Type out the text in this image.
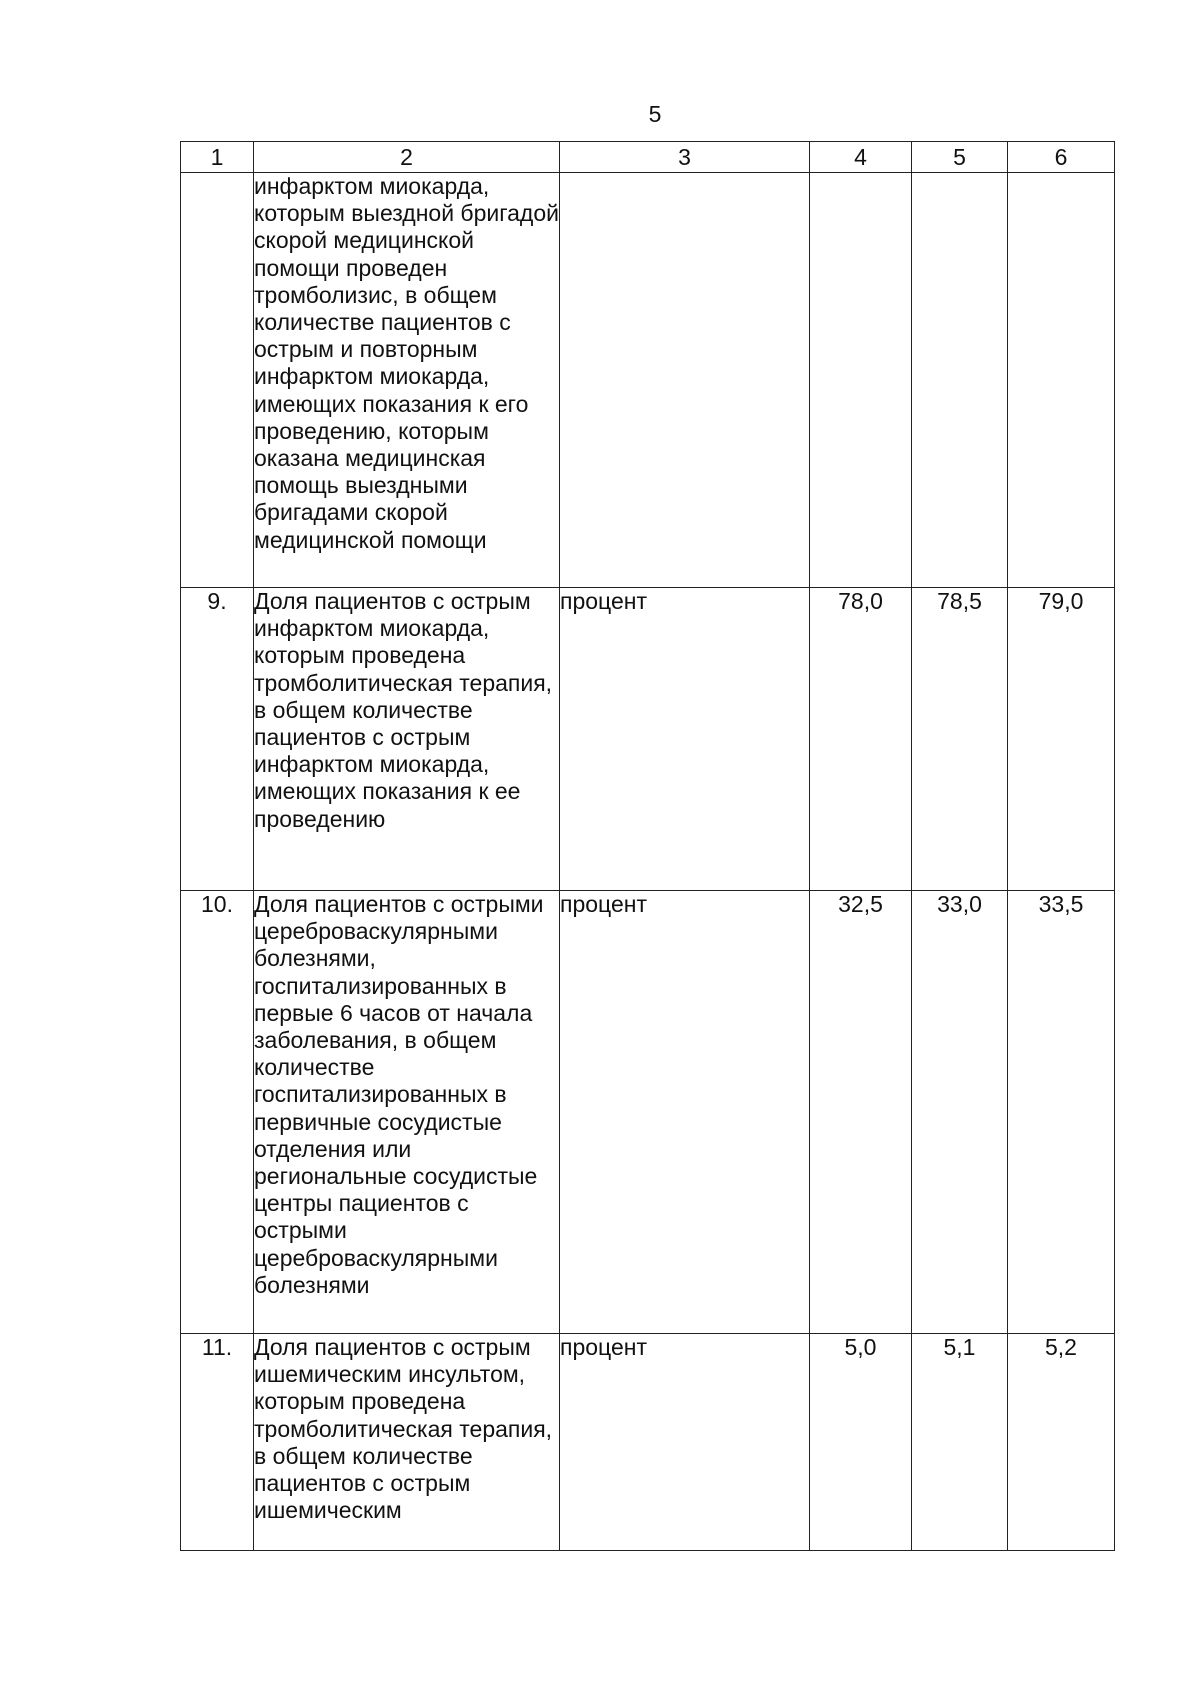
5
1	2	3	4	5	6
	инфарктом миокарда, которым выездной бригадой скорой медицинской помощи проведен тромболизис, в общем количестве пациентов с острым и повторным инфарктом миокарда, имеющих показания к его проведению, которым оказана медицинская помощь выездными бригадами скорой медицинской помощи				
9.	Доля пациентов с острым инфарктом миокарда, которым проведена тромболитическая терапия, в общем количестве пациентов с острым инфарктом миокарда, имеющих показания к ее проведению	процент	78,0	78,5	79,0
10.	Доля пациентов с острыми цереброваскулярными болезнями, госпитализированных в первые 6 часов от начала заболевания, в общем количестве госпитализированных в первичные сосудистые отделения или региональные сосудистые центры пациентов с острыми цереброваскулярными болезнями	процент	32,5	33,0	33,5
11.	Доля пациентов с острым ишемическим инсультом, которым проведена тромболитическая терапия, в общем количестве пациентов с острым ишемическим	процент	5,0	5,1	5,2
